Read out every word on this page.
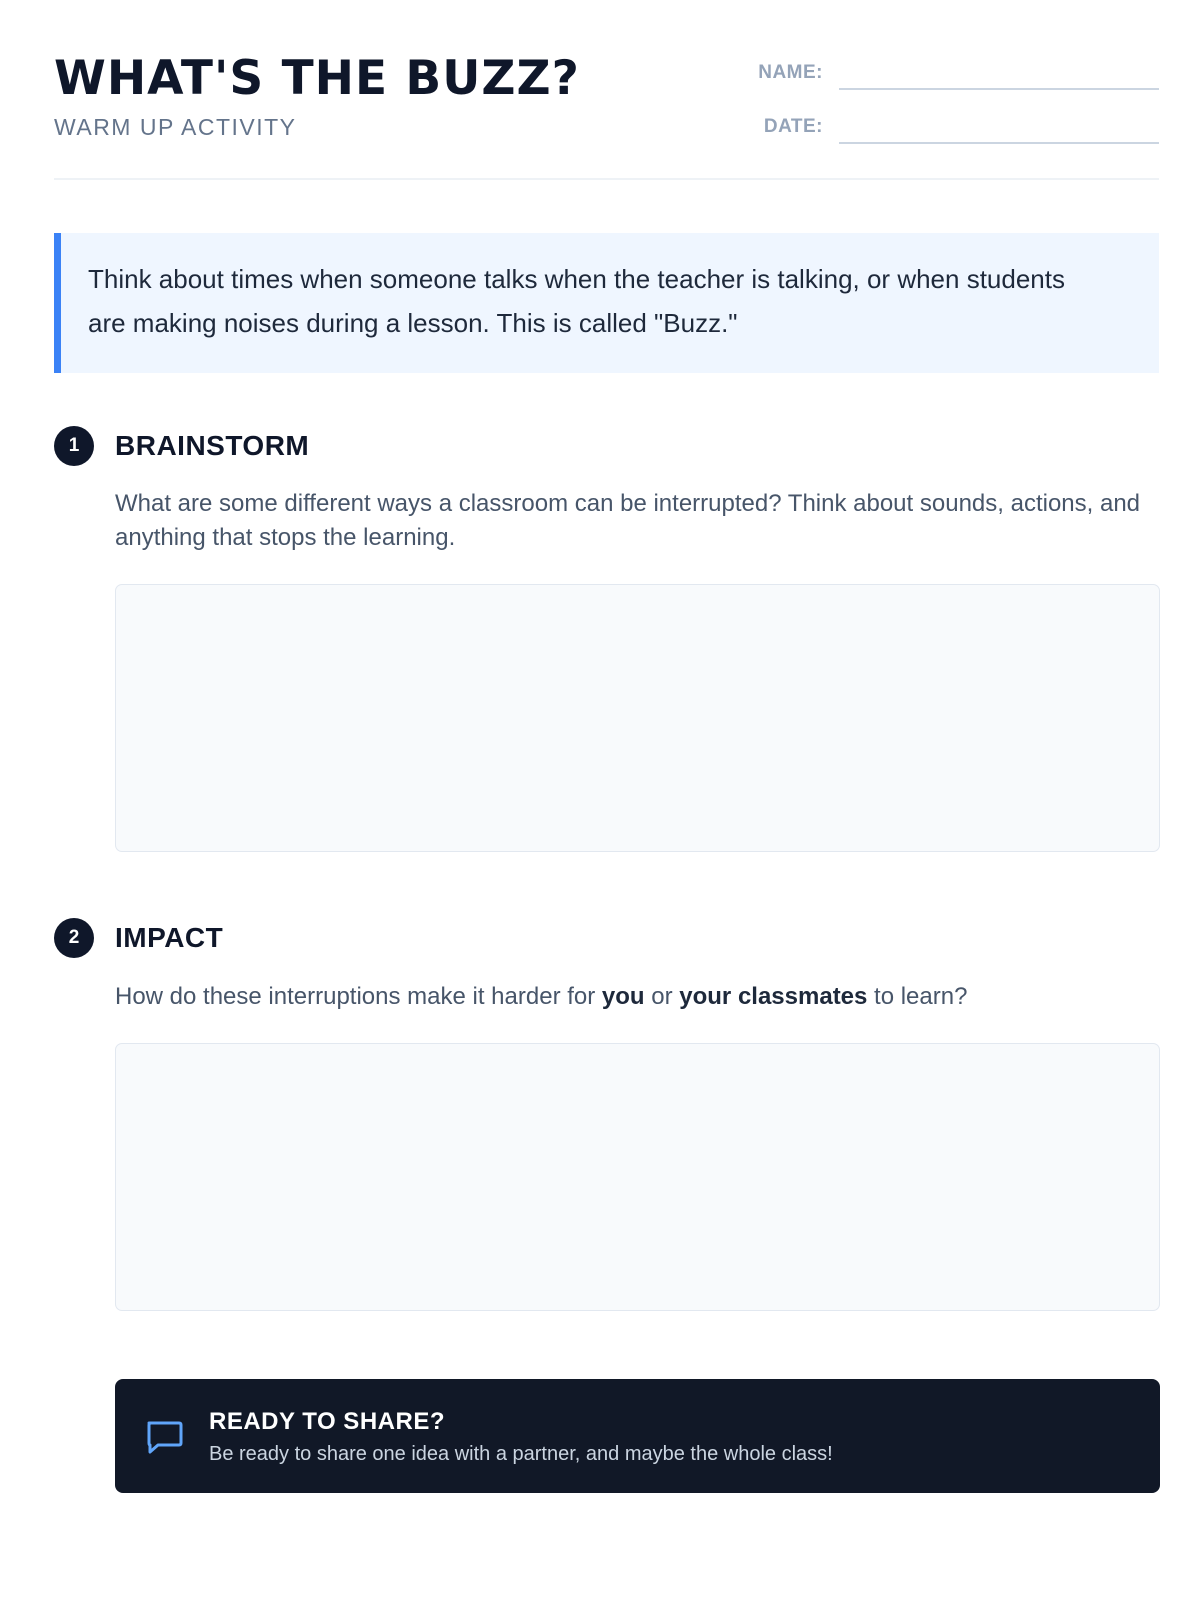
WHAT'S THE BUZZ?
WARM UP ACTIVITY
NAME:
DATE:
Think about times when someone talks when the teacher is talking, or when students are making noises during a lesson. This is called "Buzz."
1	BRAINSTORM
What are some different ways a classroom can be interrupted? Think about sounds, actions, and anything that stops the learning.
2	IMPACT
How do these interruptions make it harder for you or your classmates to learn?
READY TO SHARE?
Be ready to share one idea with a partner, and maybe the whole class!
